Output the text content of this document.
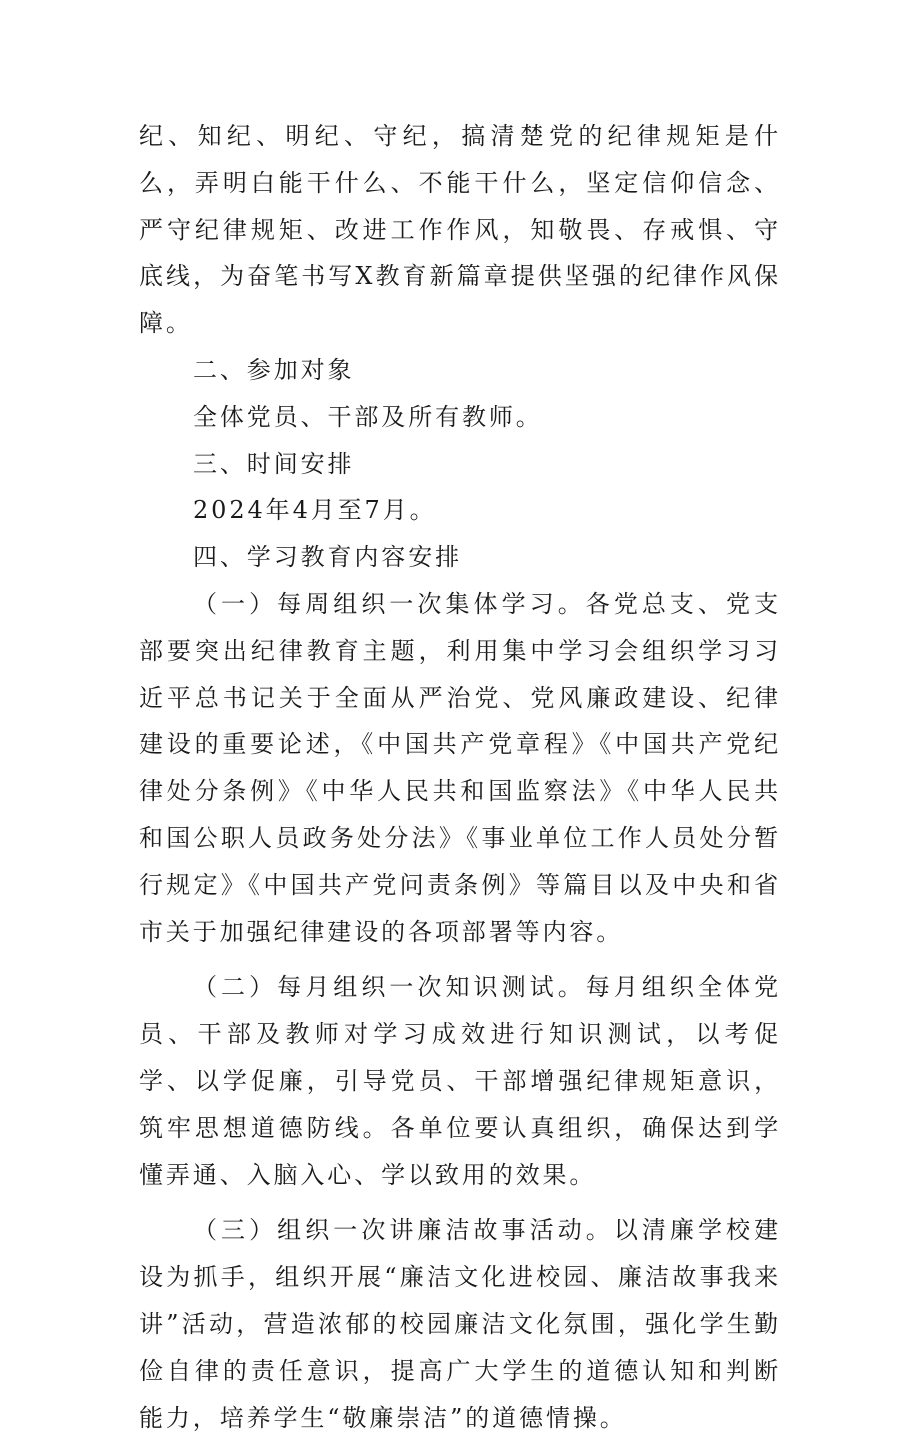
纪、知纪、明纪、守纪，搞清楚党的纪律规矩是什么，弄明白能干什么、不能干什么，坚定信仰信念、严守纪律规矩、改进工作作风，知敬畏、存戒惧、守底线，为奋笔书写X教育新篇章提供坚强的纪律作风保障。

二、参加对象

全体党员、干部及所有教师。

三、时间安排

2024年4月至7月。

四、学习教育内容安排

（一）每周组织一次集体学习。各党总支、党支部要突出纪律教育主题，利用集中学习会组织学习习近平总书记关于全面从严治党、党风廉政建设、纪律建设的重要论述，《中国共产党章程》《中国共产党纪律处分条例》《中华人民共和国监察法》《中华人民共和国公职人员政务处分法》《事业单位工作人员处分暂行规定》《中国共产党问责条例》等篇目以及中央和省市关于加强纪律建设的各项部署等内容。

（二）每月组织一次知识测试。每月组织全体党员、干部及教师对学习成效进行知识测试，以考促学、以学促廉，引导党员、干部增强纪律规矩意识，筑牢思想道德防线。各单位要认真组织，确保达到学懂弄通、入脑入心、学以致用的效果。

（三）组织一次讲廉洁故事活动。以清廉学校建设为抓手，组织开展“廉洁文化进校园、廉洁故事我来讲”活动，营造浓郁的校园廉洁文化氛围，强化学生勤俭自律的责任意识，提高广大学生的道德认知和判断能力，培养学生“敬廉崇洁”的道德情操。
